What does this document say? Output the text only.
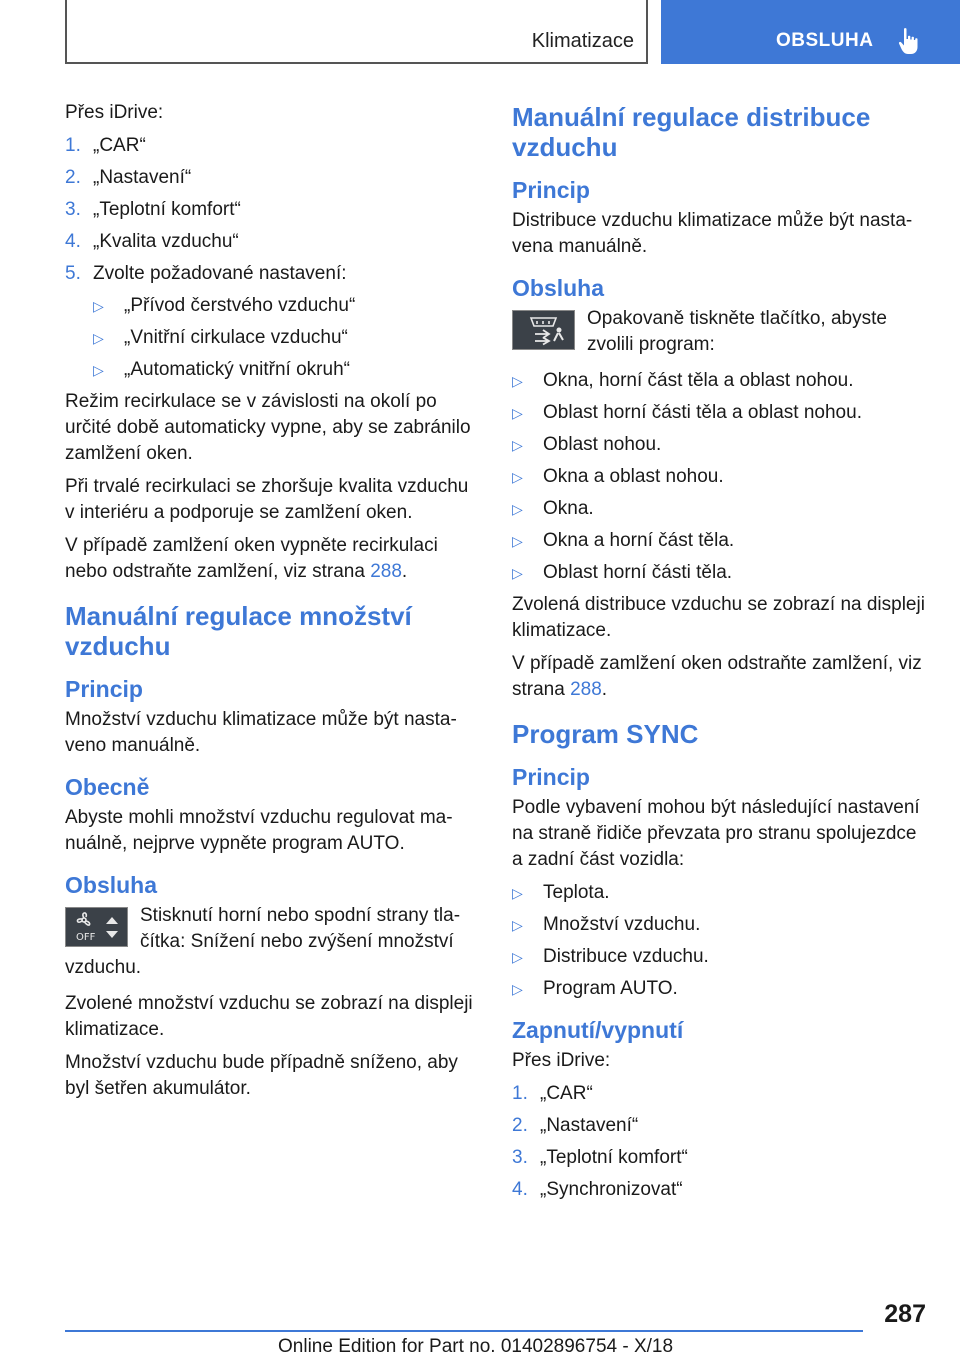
Klimatizace	OBSLUHA

Přes iDrive:

1. „CAR“
2. „Nastavení“
3. „Teplotní komfort“
4. „Kvalita vzduchu“
5. Zvolte požadované nastavení:
▷	„Přívod čerstvého vzduchu“
▷	„Vnitřní cirkulace vzduchu“
▷	„Automatický vnitřní okruh“

Režim recirkulace se v závislosti na okolí po určité době automaticky vypne, aby se zabránilo zamlžení oken.

Při trvalé recirkulaci se zhoršuje kvalita vzduchu v interiéru a podporuje se zamlžení oken.

V případě zamlžení oken vypněte recirkulaci nebo odstraňte zamlžení, viz strana 288.

Manuální regulace množství vzduchu
Princip

Množství vzduchu klimatizace může být nastaveno manuálně.

Obecně

Abyste mohli množství vzduchu regulovat manuálně, nejprve vypněte program AUTO.

Obsluha
OFF
Stisknutí horní nebo spodní strany tlačítka: Snížení nebo zvýšení množství vzduchu.

Zvolené množství vzduchu se zobrazí na displeji klimatizace.

Množství vzduchu bude případně sníženo, aby byl šetřen akumulátor.

Manuální regulace distribuce vzduchu
Princip

Distribuce vzduchu klimatizace může být nastavena manuálně.

Obsluha
Opakovaně tiskněte tlačítko, abyste zvolili program:
▷	Okna, horní část těla a oblast nohou.
▷	Oblast horní části těla a oblast nohou.
▷	Oblast nohou.
▷	Okna a oblast nohou.
▷	Okna.
▷	Okna a horní část těla.
▷	Oblast horní části těla.

Zvolená distribuce vzduchu se zobrazí na displeji klimatizace.

V případě zamlžení oken odstraňte zamlžení, viz strana 288.

Program SYNC
Princip

Podle vybavení mohou být následující nastavení na straně řidiče převzata pro stranu spolujezdce a zadní část vozidla:

▷	Teplota.
▷	Množství vzduchu.
▷	Distribuce vzduchu.
▷	Program AUTO.
Zapnutí/vypnutí

Přes iDrive:

1. „CAR“
2. „Nastavení“
3. „Teplotní komfort“
4. „Synchronizovat“
287
Online Edition for Part no. 01402896754 - X/18
